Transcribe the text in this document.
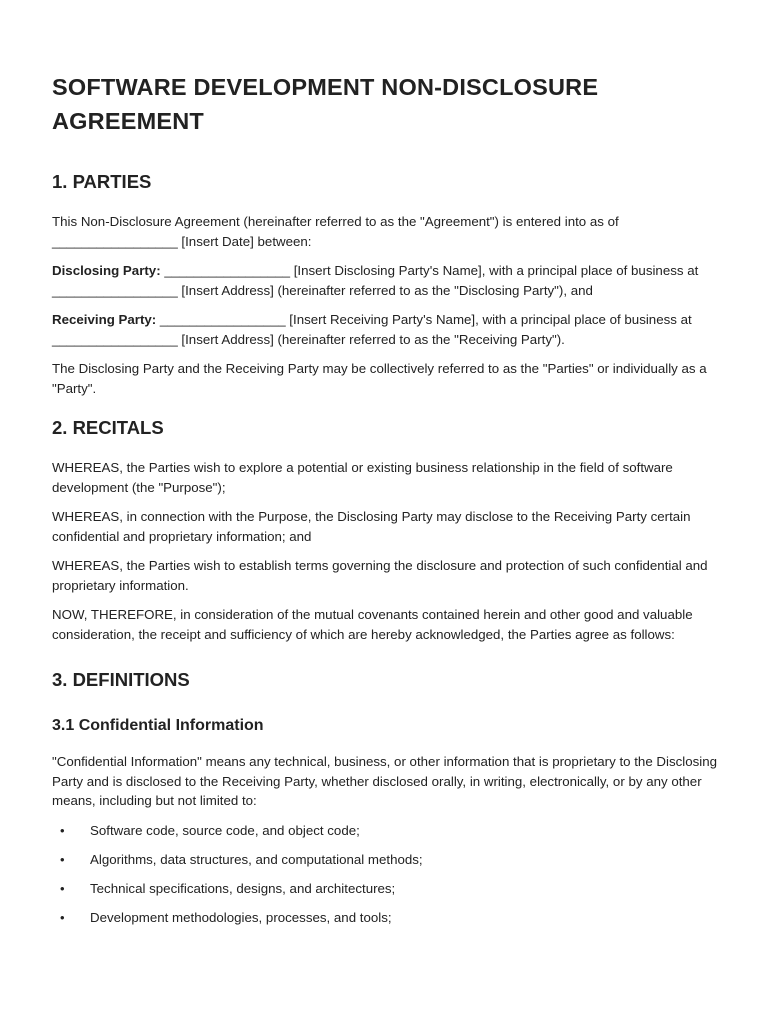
SOFTWARE DEVELOPMENT NON-DISCLOSURE AGREEMENT
1. PARTIES

This Non-Disclosure Agreement (hereinafter referred to as the "Agreement") is entered into as of _________________ [Insert Date] between:

Disclosing Party: _________________ [Insert Disclosing Party's Name], with a principal place of business at _________________ [Insert Address] (hereinafter referred to as the "Disclosing Party"), and

Receiving Party: _________________ [Insert Receiving Party's Name], with a principal place of business at _________________ [Insert Address] (hereinafter referred to as the "Receiving Party").

The Disclosing Party and the Receiving Party may be collectively referred to as the "Parties" or individually as a "Party".

2. RECITALS

WHEREAS, the Parties wish to explore a potential or existing business relationship in the field of software development (the "Purpose");

WHEREAS, in connection with the Purpose, the Disclosing Party may disclose to the Receiving Party certain confidential and proprietary information; and

WHEREAS, the Parties wish to establish terms governing the disclosure and protection of such confidential and proprietary information.

NOW, THEREFORE, in consideration of the mutual covenants contained herein and other good and valuable consideration, the receipt and sufficiency of which are hereby acknowledged, the Parties agree as follows:

3. DEFINITIONS
3.1 Confidential Information

"Confidential Information" means any technical, business, or other information that is proprietary to the Disclosing Party and is disclosed to the Receiving Party, whether disclosed orally, in writing, electronically, or by any other means, including but not limited to:

• Software code, source code, and object code;
• Algorithms, data structures, and computational methods;
• Technical specifications, designs, and architectures;
• Development methodologies, processes, and tools;
